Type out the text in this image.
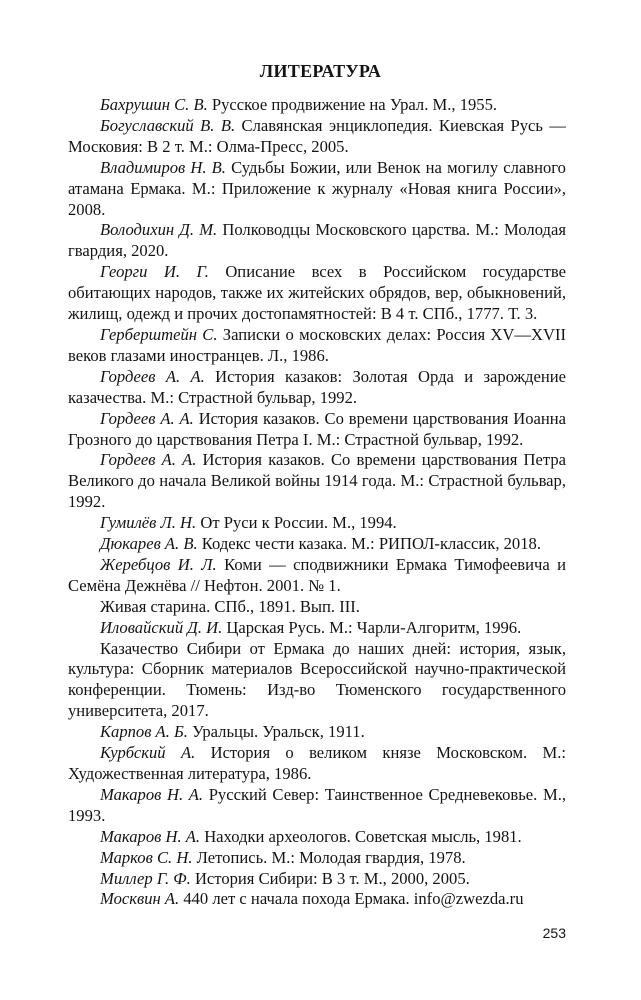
ЛИТЕРАТУРА
Бахрушин С. В. Русское продвижение на Урал. М., 1955.
Богуславский В. В. Славянская энциклопедия. Киевская Русь — Московия: В 2 т. М.: Олма-Пресс, 2005.
Владимиров Н. В. Судьбы Божии, или Венок на могилу славного атамана Ермака. М.: Приложение к журналу «Новая книга России», 2008.
Володихин Д. М. Полководцы Московского царства. М.: Молодая гвардия, 2020.
Георги И. Г. Описание всех в Российском государстве обитающих народов, также их житейских обрядов, вер, обыкновений, жилищ, одежд и прочих достопамятностей: В 4 т. СПб., 1777. Т. 3.
Герберштейн С. Записки о московских делах: Россия XV—XVII веков глазами иностранцев. Л., 1986.
Гордеев А. А. История казаков: Золотая Орда и зарождение казачества. М.: Страстной бульвар, 1992.
Гордеев А. А. История казаков. Со времени царствования Иоанна Грозного до царствования Петра I. М.: Страстной бульвар, 1992.
Гордеев А. А. История казаков. Со времени царствования Петра Великого до начала Великой войны 1914 года. М.: Страстной бульвар, 1992.
Гумилёв Л. Н. От Руси к России. М., 1994.
Дюкарев А. В. Кодекс чести казака. М.: РИПОЛ-классик, 2018.
Жеребцов И. Л. Коми — сподвижники Ермака Тимофеевича и Семёна Дежнёва // Нефтон. 2001. № 1.
Живая старина. СПб., 1891. Вып. III.
Иловайский Д. И. Царская Русь. М.: Чарли-Алгоритм, 1996.
Казачество Сибири от Ермака до наших дней: история, язык, культура: Сборник материалов Всероссийской научно-практической конференции. Тюмень: Изд-во Тюменского государственного университета, 2017.
Карпов А. Б. Уральцы. Уральск, 1911.
Курбский А. История о великом князе Московском. М.: Художественная литература, 1986.
Макаров Н. А. Русский Север: Таинственное Средневековье. М., 1993.
Макаров Н. А. Находки археологов. Советская мысль, 1981.
Марков С. Н. Летопись. М.: Молодая гвардия, 1978.
Миллер Г. Ф. История Сибири: В 3 т. М., 2000, 2005.
Москвин А. 440 лет с начала похода Ермака. info@zwezda.ru
253
